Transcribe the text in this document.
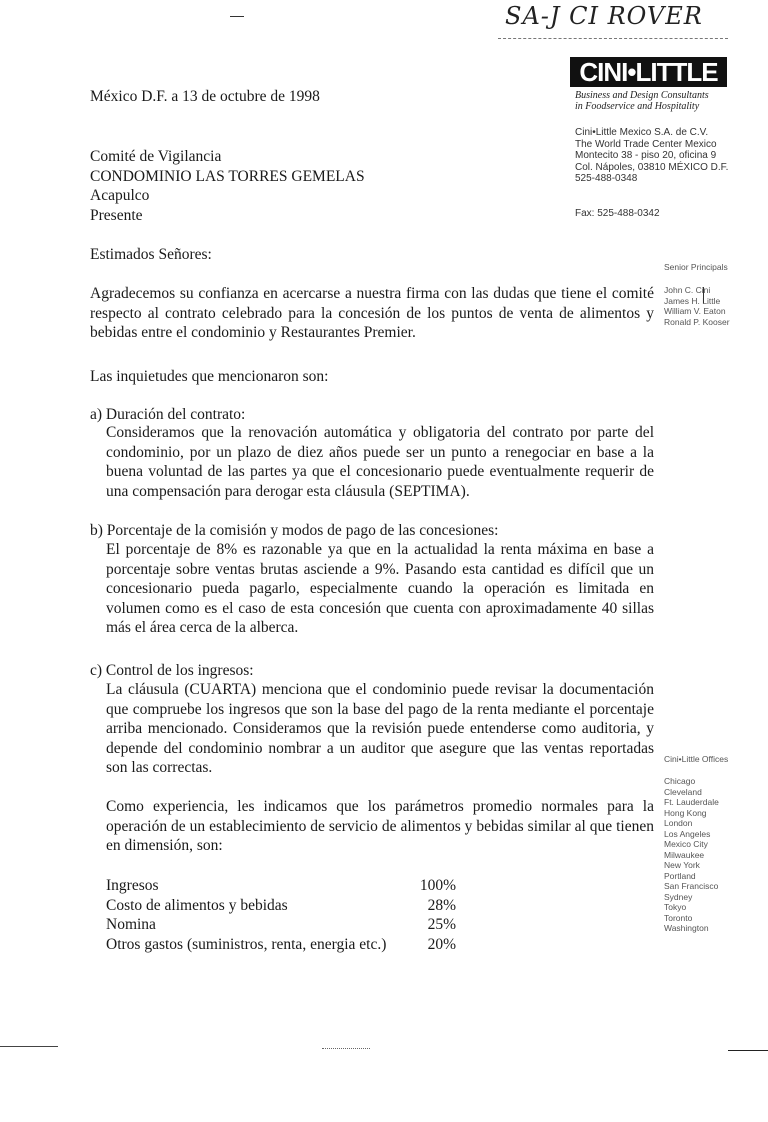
SA-J CI ROVER
CINI•LITTLE
Business and Design Consultants
in Foodservice and Hospitality
Cini•Little Mexico S.A. de C.V.
The World Trade Center Mexico
Montecito 38 - piso 20, oficina 9
Col. Nápoles, 03810 MÉXICO D.F.
525-488-0348
Fax: 525-488-0342
México D.F. a 13 de octubre de 1998
Comité de Vigilancia
CONDOMINIO LAS TORRES GEMELAS
Acapulco
Presente
Estimados Señores:
Agradecemos su confianza en acercarse a nuestra firma con las dudas que tiene el comité respecto al contrato celebrado para la concesión de los puntos de venta de alimentos y bebidas entre el condominio y Restaurantes Premier.
Las inquietudes que mencionaron son:
a) Duración del contrato:
Consideramos que la renovación automática y obligatoria del contrato por parte del condominio, por un plazo de diez años puede ser un punto a renegociar en base a la buena voluntad de las partes ya que el concesionario puede eventualmente requerir de una compensación para derogar esta cláusula (SEPTIMA).
b) Porcentaje de la comisión y modos de pago de las concesiones:
El porcentaje de 8% es razonable ya que en la actualidad la renta máxima en base a porcentaje sobre ventas brutas asciende a 9%. Pasando esta cantidad es difícil que un concesionario pueda pagarlo, especialmente cuando la operación es limitada en volumen como es el caso de esta concesión que cuenta con aproximadamente 40 sillas más el área cerca de la alberca.
c) Control de los ingresos:
La cláusula (CUARTA) menciona que el condominio puede revisar la documentación que compruebe los ingresos que son la base del pago de la renta mediante el porcentaje arriba mencionado. Consideramos que la revisión puede entenderse como auditoria, y depende del condominio nombrar a un auditor que asegure que las ventas reportadas son las correctas.
Como experiencia, les indicamos que los parámetros promedio normales para la operación de un establecimiento de servicio de alimentos y bebidas similar al que tienen en dimensión, son:
Ingresos	100%
Costo de alimentos y bebidas	28%
Nomina	25%
Otros gastos (suministros, renta, energia etc.)	20%
Senior Principals
John C. Cini
James H. Little
William V. Eaton
Ronald P. Kooser
Cini•Little Offices
Chicago
Cleveland
Ft. Lauderdale
Hong Kong
London
Los Angeles
Mexico City
Milwaukee
New York
Portland
San Francisco
Sydney
Tokyo
Toronto
Washington
